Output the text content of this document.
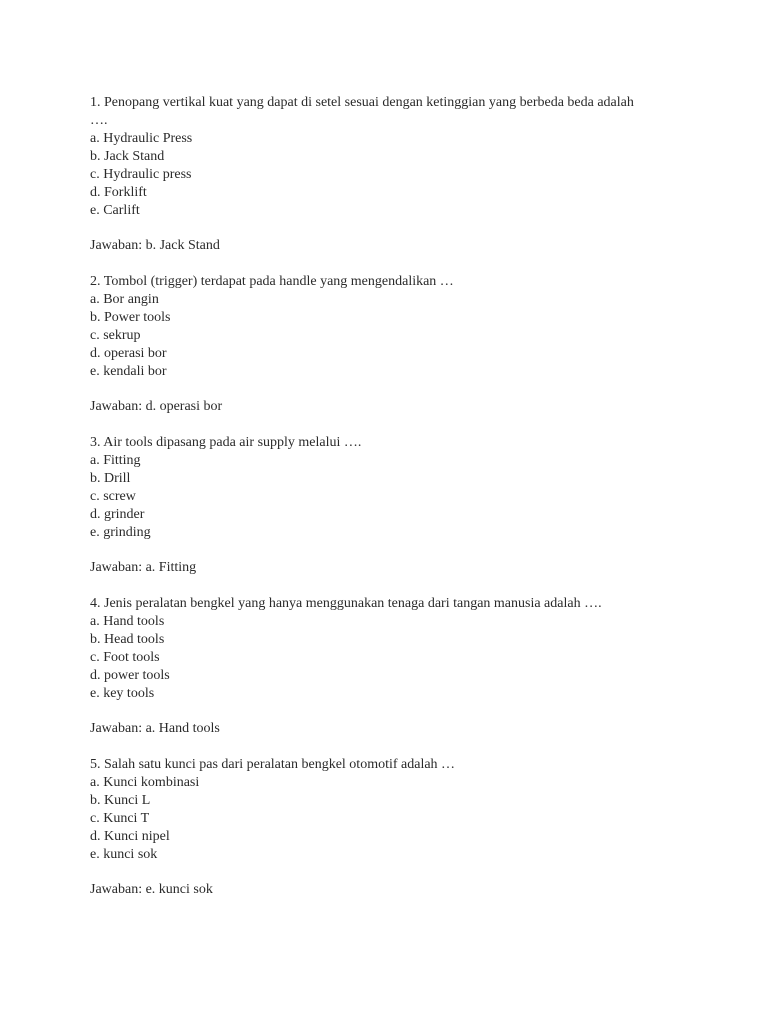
1. Penopang vertikal kuat yang dapat di setel sesuai dengan ketinggian yang berbeda beda adalah

….

a. Hydraulic Press
b. Jack Stand
c. Hydraulic press
d. Forklift
e. Carlift

Jawaban: b. Jack Stand

2. Tombol (trigger) terdapat pada handle yang mengendalikan …

a. Bor angin
b. Power tools
c. sekrup
d. operasi bor
e. kendali bor

Jawaban: d. operasi bor

3. Air tools dipasang pada air supply melalui ….

a. Fitting
b. Drill
c. screw
d. grinder
e. grinding

Jawaban: a. Fitting

4. Jenis peralatan bengkel yang hanya menggunakan tenaga dari tangan manusia adalah ….

a. Hand tools
b. Head tools
c. Foot tools
d. power tools
e. key tools

Jawaban: a. Hand tools

5. Salah satu kunci pas dari peralatan bengkel otomotif adalah …

a. Kunci kombinasi
b. Kunci L
c. Kunci T
d. Kunci nipel
e. kunci sok

Jawaban: e. kunci sok
